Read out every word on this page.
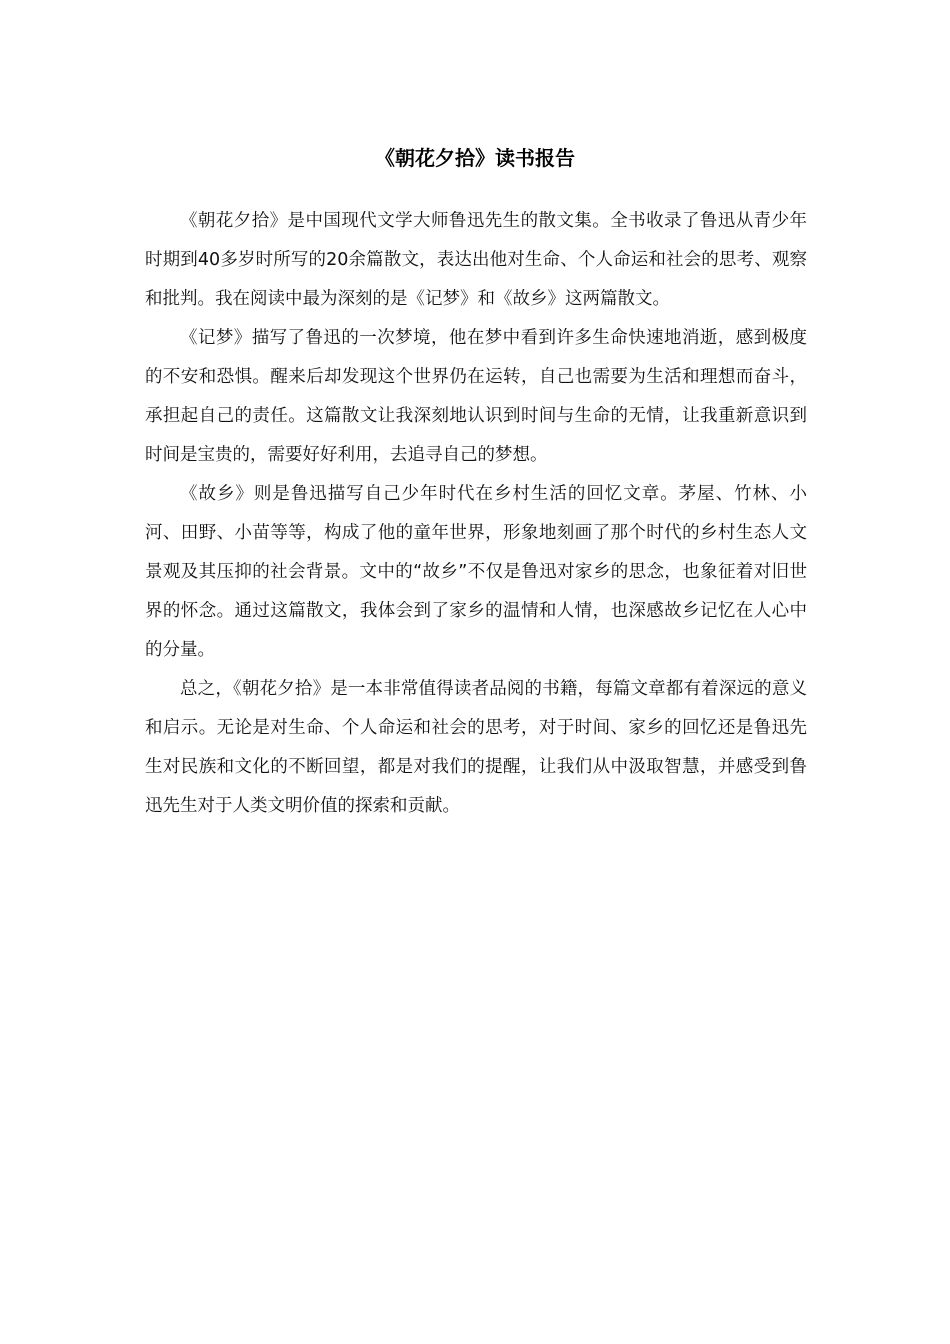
《朝花夕拾》读书报告

《朝花夕拾》是中国现代文学大师鲁迅先生的散文集。全书收录了鲁迅从青少年时期到40多岁时所写的20余篇散文，表达出他对生命、个人命运和社会的思考、观察和批判。我在阅读中最为深刻的是《记梦》和《故乡》这两篇散文。

《记梦》描写了鲁迅的一次梦境，他在梦中看到许多生命快速地消逝，感到极度的不安和恐惧。醒来后却发现这个世界仍在运转，自己也需要为生活和理想而奋斗，承担起自己的责任。这篇散文让我深刻地认识到时间与生命的无情，让我重新意识到时间是宝贵的，需要好好利用，去追寻自己的梦想。

《故乡》则是鲁迅描写自己少年时代在乡村生活的回忆文章。茅屋、竹林、小河、田野、小苗等等，构成了他的童年世界，形象地刻画了那个时代的乡村生态人文景观及其压抑的社会背景。文中的“故乡”不仅是鲁迅对家乡的思念，也象征着对旧世界的怀念。通过这篇散文，我体会到了家乡的温情和人情，也深感故乡记忆在人心中的分量。

总之，《朝花夕拾》是一本非常值得读者品阅的书籍，每篇文章都有着深远的意义和启示。无论是对生命、个人命运和社会的思考，对于时间、家乡的回忆还是鲁迅先生对民族和文化的不断回望，都是对我们的提醒，让我们从中汲取智慧，并感受到鲁迅先生对于人类文明价值的探索和贡献。
